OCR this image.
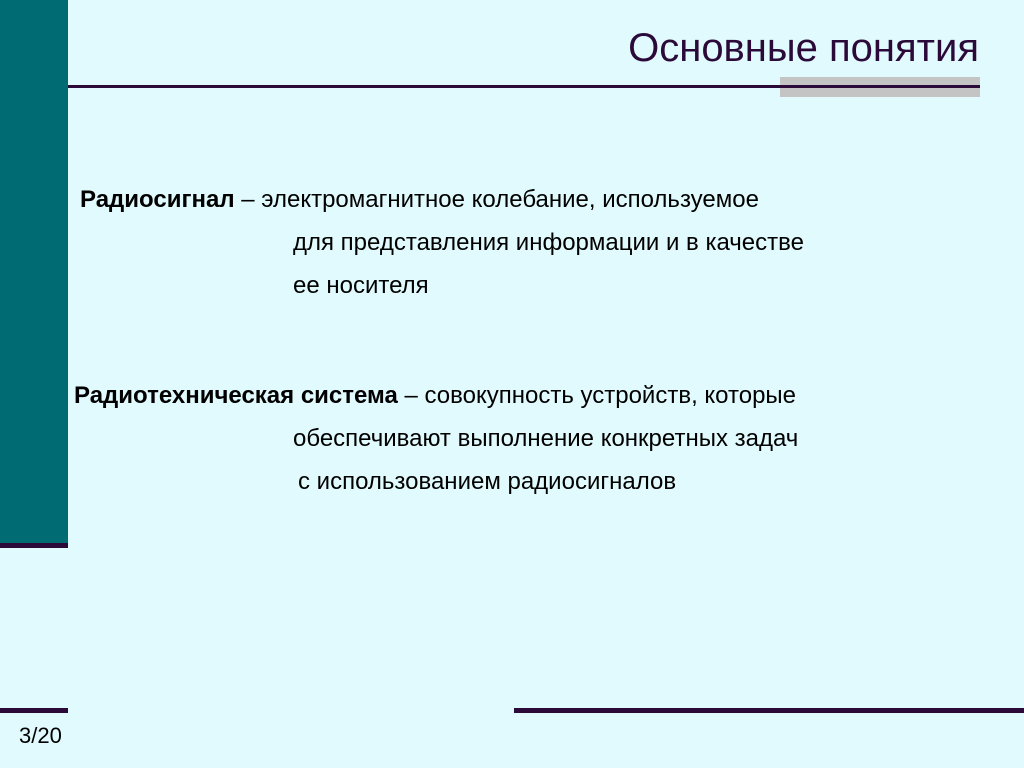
Основные понятия
Радиосигнал – электромагнитное колебание, используемое
для представления информации и в качестве
ее носителя
Радиотехническая система – совокупность устройств, которые
обеспечивают выполнение конкретных задач
с использованием радиосигналов
3/20
